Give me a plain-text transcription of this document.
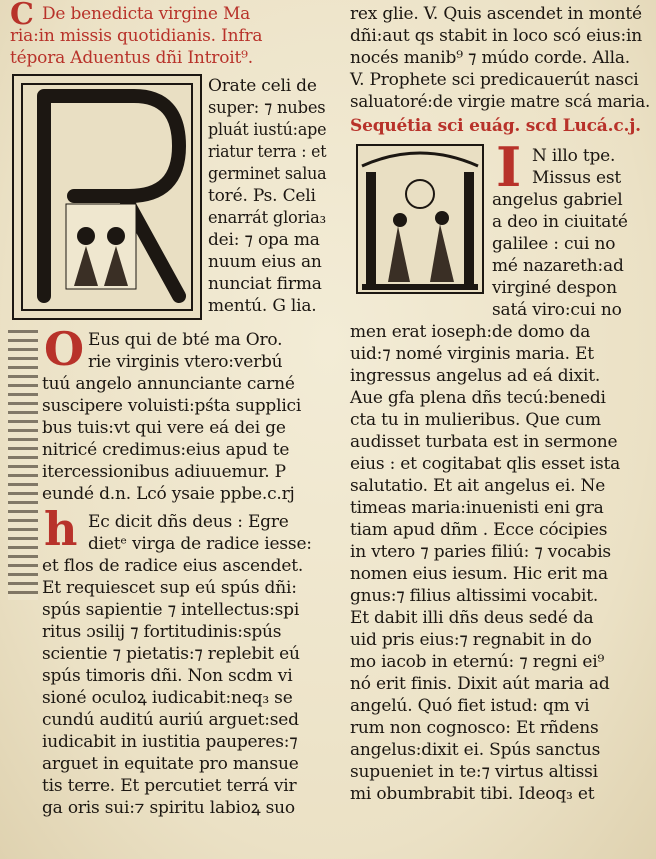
C De benedicta virgine Ma
ria:in missis quotidianis. Infra
tépora Aduentus dñi Introit⁹.
Orate celi de
super: ⁊ nubes
pluát iustú:ape
riatur terra : et
germinet salua
toré. Ps. Celi
enarrát gloria₃
dei: ⁊ opa ma
nuum eius an
nunciat firma
mentú. G lia.
O Eus qui de bté ma Oro.
rie virginis vtero:verbú
tuú angelo annunciante carné
suscipere voluisti:pśta supplici
bus tuis:vt qui vere eá dei ge
nitricé credimus:eius apud te
itercessionibus adiuuemur. P
eundé d.n. Lcó ysaie ppbe.c.rj
h Ec dicit dñs deus : Egre
dietᵉ virga de radice iesse:
et flos de radice eius ascendet.
Et requiescet sup eú spús dñi:
spús sapientie ⁊ intellectus:spi
ritus ɔsilij ⁊ fortitudinis:spús
scientie ⁊ pietatis:⁊ replebit eú
spús timoris dñi. Non scdm vi
sioné oculoꝝ iudicabit:neq₃ se
cundú auditú auriú arguet:sed
iudicabit in iustitia pauperes:⁊
arguet in equitate pro mansue
tis terre. Et percutiet terrá vir
ga oris sui:⁊ spiritu labioꝝ suo
rex glie. V. Quis ascendet in monté
dñi:aut qs stabit in loco scó eius:in
nocés manib⁹ ⁊ múdo corde. Alla.
V. Prophete sci predicauerút nasci
saluatoré:de virgie matre scá maria.
Sequétia sci euág. scd Lucá.c.j.
I N illo tpe.
Missus est
angelus gabriel
a deo in ciuitaté
galilee : cui no
mé nazareth:ad
virginé despon
satá viro:cui no
men erat ioseph:de domo da
uid:⁊ nomé virginis maria. Et
ingressus angelus ad eá dixit.
Aue gfa plena dñs tecú:benedi
cta tu in mulieribus. Que cum
audisset turbata est in sermone
eius : et cogitabat qlis esset ista
salutatio. Et ait angelus ei. Ne
timeas maria:inuenisti eni gra
tiam apud dñm . Ecce cócipies
in vtero ⁊ paries filiú: ⁊ vocabis
nomen eius iesum. Hic erit ma
gnus:⁊ filius altissimi vocabit.
Et dabit illi dñs deus sedé da
uid pris eius:⁊ regnabit in do
mo iacob in eternú: ⁊ regni ei⁹
nó erit finis. Dixit aút maria ad
angelú. Quó fiet istud: qm vi
rum non cognosco: Et rñdens
angelus:dixit ei. Spús sanctus
supueniet in te:⁊ virtus altissi
mi obumbrabit tibi. Ideoq₃ et
